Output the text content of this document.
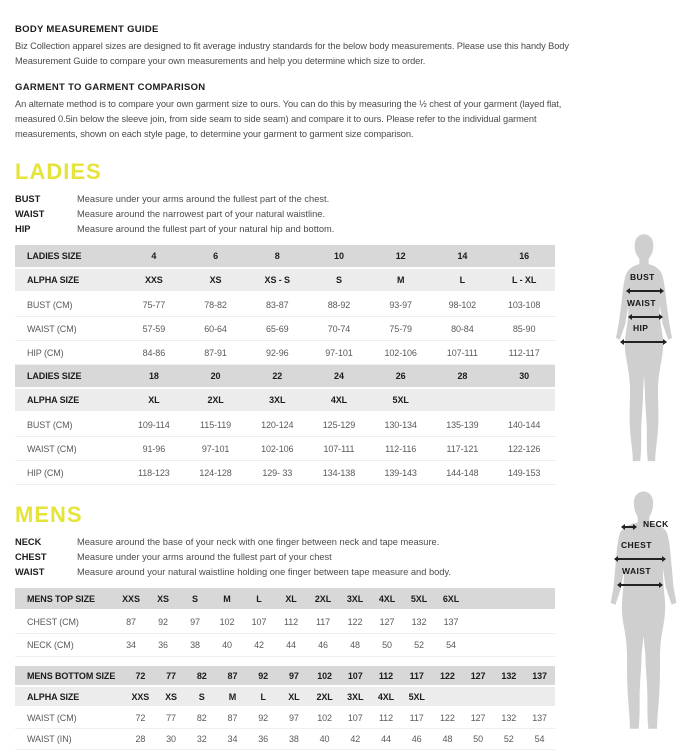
BODY MEASUREMENT GUIDE
Biz Collection apparel sizes are designed to fit average industry standards for the below body measurements. Please use this handy Body Measurement Guide to compare your own measurements and help you determine which size to order.
GARMENT TO GARMENT COMPARISON
An alternate method is to compare your own garment size to ours. You can do this by measuring the ½ chest of your garment (layed flat, measured 0.5in below the sleeve join, from side seam to side seam) and compare it to ours. Please refer to the individual garment measurements, shown on each style page, to determine your garment to garment size comparison.
LADIES
BUST	Measure under your arms around the fullest part of the chest.
WAIST	Measure around the narrowest part of your natural waistline.
HIP	Measure around the fullest part of your natural hip and bottom.
LADIES SIZE	4	6	8	10	12	14	16
ALPHA SIZE	XXS	XS	XS - S	S	M	L	L - XL
BUST (CM)	75-77	78-82	83-87	88-92	93-97	98-102	103-108
WAIST (CM)	57-59	60-64	65-69	70-74	75-79	80-84	85-90
HIP (CM)	84-86	87-91	92-96	97-101	102-106	107-111	112-117
LADIES SIZE	18	20	22	24	26	28	30
ALPHA SIZE	XL	2XL	3XL	4XL	5XL		
BUST (CM)	109-114	115-119	120-124	125-129	130-134	135-139	140-144
WAIST (CM)	91-96	97-101	102-106	107-111	112-116	117-121	122-126
HIP (CM)	118-123	124-128	129- 33	134-138	139-143	144-148	149-153
MENS
NECK	Measure around the base of your neck with one finger between neck and tape measure.
CHEST	Measure under your arms around the fullest part of your chest
WAIST	Measure around your natural waistline holding one finger between tape measure and body.
MENS TOP SIZE	XXS	XS	S	M	L	XL	2XL	3XL	4XL	5XL	6XL	
CHEST (CM)	87	92	97	102	107	112	117	122	127	132	137	
NECK (CM)	34	36	38	40	42	44	46	48	50	52	54	
MENS BOTTOM SIZE	72	77	82	87	92	97	102	107	112	117	122	127	132	137
ALPHA SIZE	XXS	XS	S	M	L	XL	2XL	3XL	4XL	5XL				
WAIST (CM)	72	77	82	87	92	97	102	107	112	117	122	127	132	137
WAIST (IN)	28	30	32	34	36	38	40	42	44	46	48	50	52	54
BUST
WAIST
HIP
NECK
CHEST
WAIST
